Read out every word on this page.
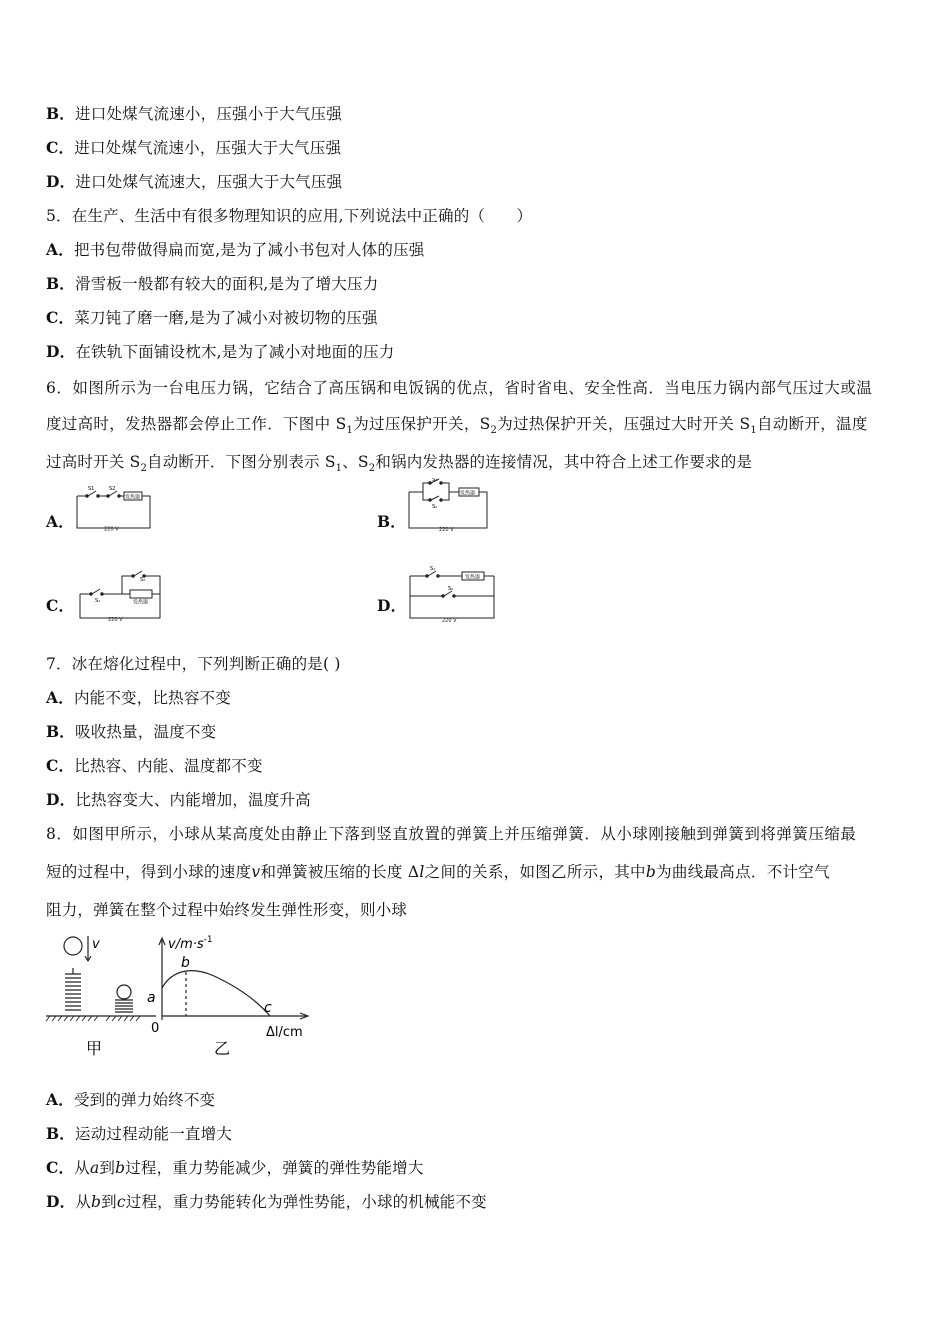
B．进口处煤气流速小，压强小于大气压强
C．进口处煤气流速小，压强大于大气压强
D．进口处煤气流速大，压强大于大气压强
5．在生产、生活中有很多物理知识的应用,下列说法中正确的（　　）
A．把书包带做得扁而宽,是为了减小书包对人体的压强
B．滑雪板一般都有较大的面积,是为了增大压力
C．菜刀钝了磨一磨,是为了减小对被切物的压强
D．在铁轨下面铺设枕木,是为了减小对地面的压力
6．如图所示为一台电压力锅，它结合了高压锅和电饭锅的优点，省时省电、安全性高．当电压力锅内部气压过大或温
度过高时，发热器都会停止工作．下图中 $S_1$为过压保护开关，$S_2$为过热保护开关，压强过大时开关 $S_1$自动断开，温度
过高时开关 $S_2$自动断开．下图分别表示 $S_1$、$S_2$和锅内发热器的连接情况，其中符合上述工作要求的是
A．	B．
C．	D．
S1	S2
发热器
220 V
S₁
S₂
发热器
220 V
S₁
S₂
发热器
220 V
S₁
S₂
发热器
220 V
7．冰在熔化过程中，下列判断正确的是( )
A．内能不变，比热容不变
B．吸收热量，温度不变
C．比热容、内能、温度都不变
D．比热容变大、内能增加，温度升高
8．如图甲所示，小球从某高度处由静止下落到竖直放置的弹簧上并压缩弹簧．从小球刚接触到弹簧到将弹簧压缩最
短的过程中，得到小球的速度v和弹簧被压缩的长度 Δl之间的关系，如图乙所示，其中b为曲线最高点．不计空气
阻力，弹簧在整个过程中始终发生弹性形变，则小球
v	$v/m\cdot s^{-1}$
b
a
c
0	Δl/cm
甲	乙
A．受到的弹力始终不变
B．运动过程动能一直增大
C．从a到b过程，重力势能减少，弹簧的弹性势能增大
D．从b到c过程，重力势能转化为弹性势能，小球的机械能不变
